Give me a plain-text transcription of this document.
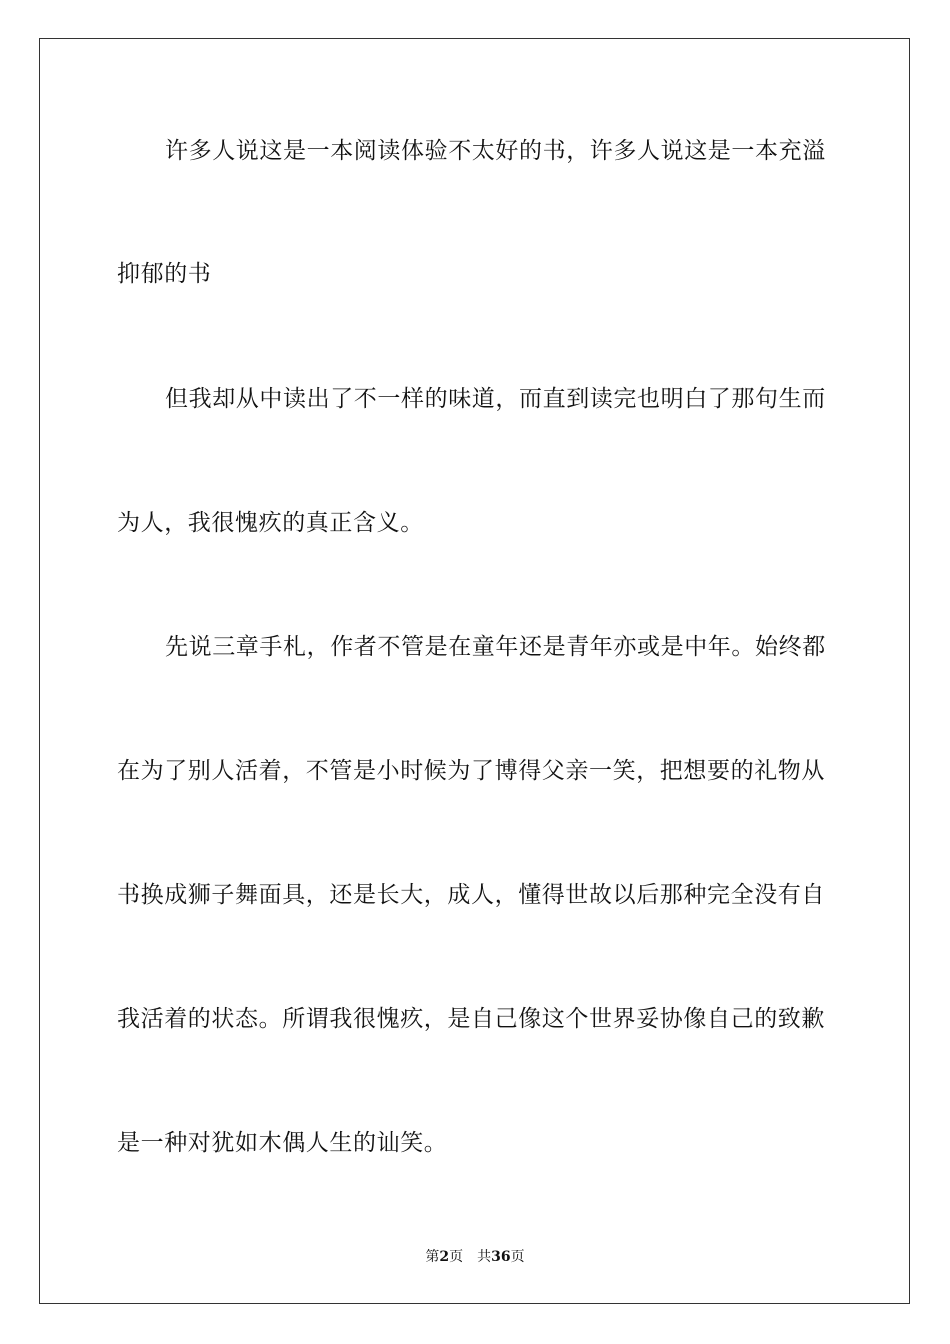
许多人说这是一本阅读体验不太好的书，许多人说这是一本充溢
抑郁的书
但我却从中读出了不一样的味道，而直到读完也明白了那句生而
为人，我很愧疚的真正含义。
先说三章手札，作者不管是在童年还是青年亦或是中年。始终都
在为了别人活着，不管是小时候为了博得父亲一笑，把想要的礼物从
书换成狮子舞面具，还是长大，成人，懂得世故以后那种完全没有自
我活着的状态。所谓我很愧疚，是自己像这个世界妥协像自己的致歉
是一种对犹如木偶人生的讪笑。
第2页　共36页
